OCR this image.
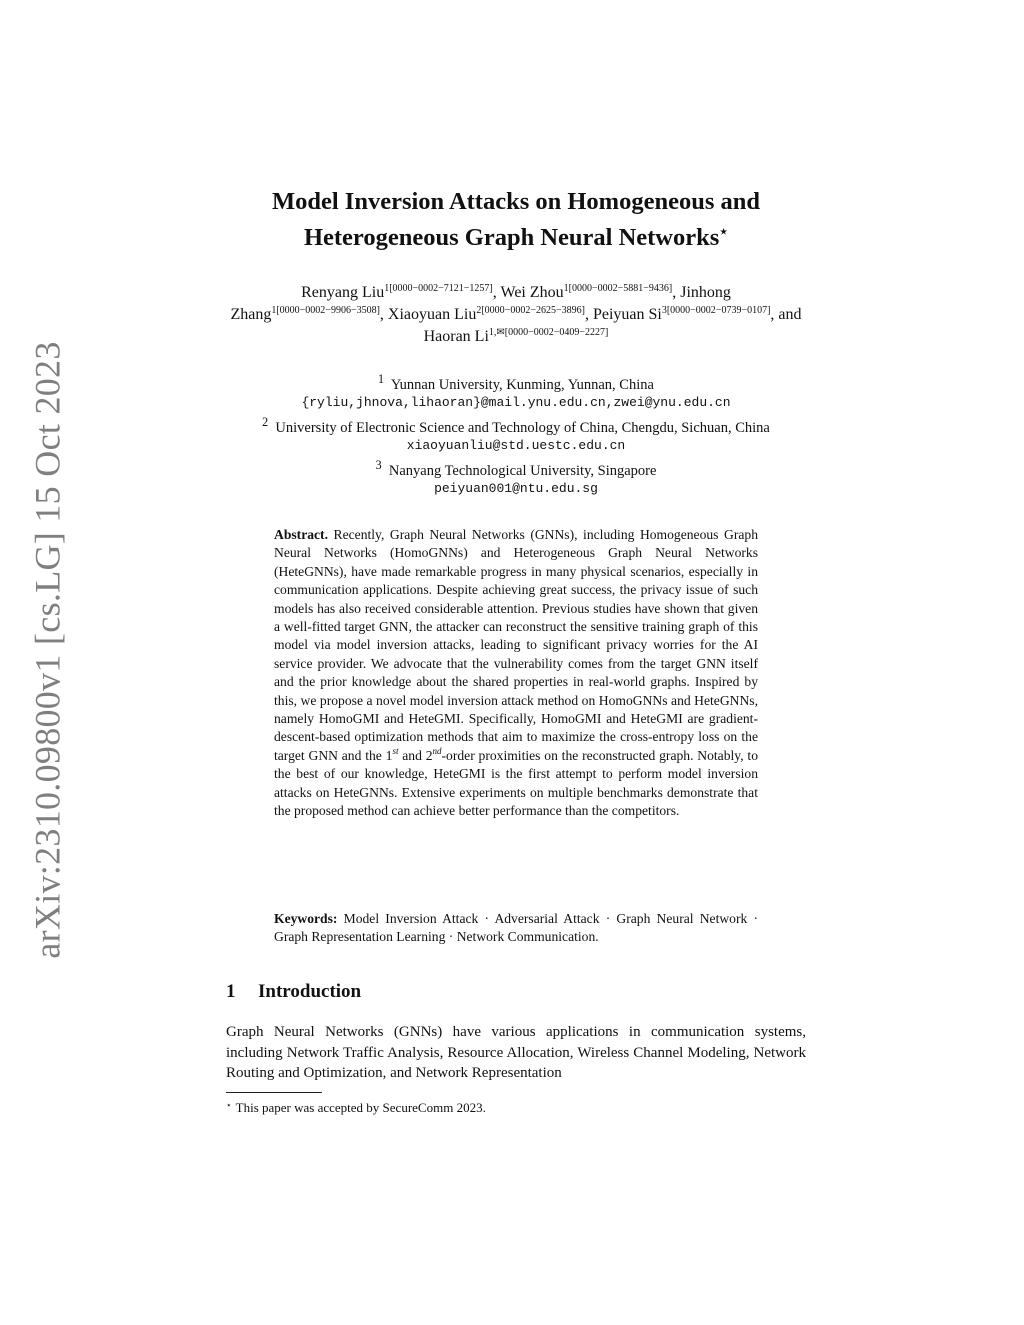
arXiv:2310.09800v1 [cs.LG] 15 Oct 2023
Model Inversion Attacks on Homogeneous and
Heterogeneous Graph Neural Networks⋆
Renyang Liu$^{1[0000-0002-7121-1257]}$, Wei Zhou$^{1[0000-0002-5881-9436]}$, Jinhong Zhang$^{1[0000-0002-9906-3508]}$, Xiaoyuan Liu$^{2[0000-0002-2625-3896]}$, Peiyuan $Si^{3[0000-0002-0739-0107]}$, and Haoran $Li^{1,✉[0000-0002-0409-2227]}$
$^1$ Yunnan University, Kunming, Yunnan, China
{ryliu,jhnova,lihaoran}@mail.ynu.edu.cn,zwei@ynu.edu.cn
$^2$ University of Electronic Science and Technology of China, Chengdu, Sichuan, China
xiaoyuanliu@std.uestc.edu.cn
$^3$ Nanyang Technological University, Singapore
peiyuan001@ntu.edu.sg
Abstract. Recently, Graph Neural Networks (GNNs), including Homogeneous Graph Neural Networks (HomoGNNs) and Heterogeneous Graph Neural Networks (HeteGNNs), have made remarkable progress in many physical scenarios, especially in communication applications. Despite achieving great success, the privacy issue of such models has also received considerable attention. Previous studies have shown that given a well-fitted target GNN, the attacker can reconstruct the sensitive training graph of this model via model inversion attacks, leading to significant privacy worries for the AI service provider. We advocate that the vulnerability comes from the target GNN itself and the prior knowledge about the shared properties in real-world graphs. Inspired by this, we propose a novel model inversion attack method on HomoGNNs and HeteGNNs, namely HomoGMI and HeteGMI. Specifically, HomoGMI and HeteGMI are gradient-descent-based optimization methods that aim to maximize the cross-entropy loss on the target GNN and the 1st and 2nd-order proximities on the reconstructed graph. Notably, to the best of our knowledge, HeteGMI is the first attempt to perform model inversion attacks on HeteGNNs. Extensive experiments on multiple benchmarks demonstrate that the proposed method can achieve better performance than the competitors.
Keywords: Model Inversion Attack · Adversarial Attack · Graph Neural Network · Graph Representation Learning · Network Communication.
1 Introduction
Graph Neural Networks (GNNs) have various applications in communication systems, including Network Traffic Analysis, Resource Allocation, Wireless Channel Modeling, Network Routing and Optimization, and Network Representation
⋆ This paper was accepted by SecureComm 2023.
